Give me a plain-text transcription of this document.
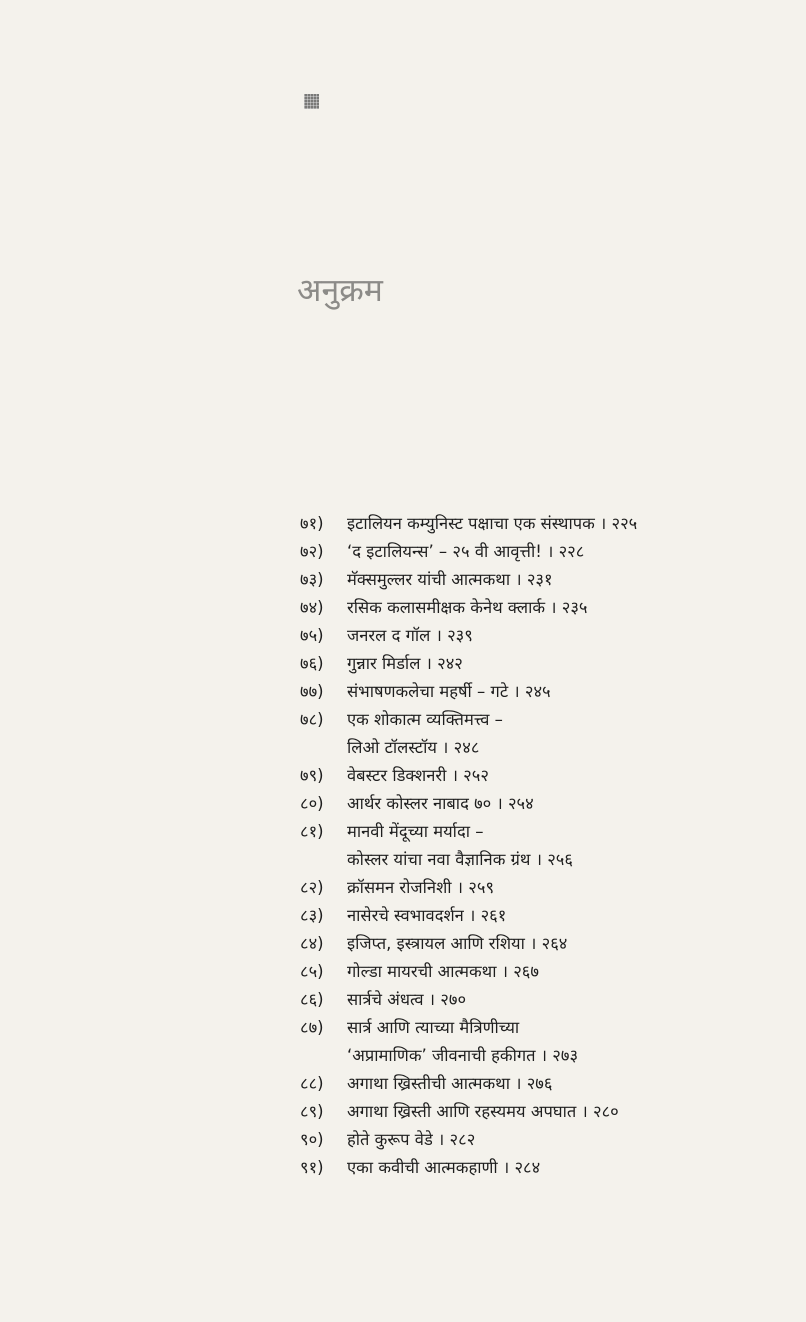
अनुक्रम
७१)	इटालियन कम्युनिस्ट पक्षाचा एक संस्थापक । २२५
७२)	‘द इटालियन्स’ – २५ वी आवृत्ती! । २२८
७३)	मॅक्समुल्लर यांची आत्मकथा । २३१
७४)	रसिक कलासमीक्षक केनेथ क्लार्क । २३५
७५)	जनरल द गॉल । २३९
७६)	गुन्नार मिर्डाल । २४२
७७)	संभाषणकलेचा महर्षी – गटे । २४५
७८)	एक शोकात्म व्यक्तिमत्त्व –
लिओ टॉलस्टॉय । २४८
७९)	वेबस्टर डिक्शनरी । २५२
८०)	आर्थर कोस्लर नाबाद ७० । २५४
८१)	मानवी मेंदूच्या मर्यादा –
कोस्लर यांचा नवा वैज्ञानिक ग्रंथ । २५६
८२)	क्रॉसमन रोजनिशी । २५९
८३)	नासेरचे स्वभावदर्शन । २६१
८४)	इजिप्त, इस्त्रायल आणि रशिया । २६४
८५)	गोल्डा मायरची आत्मकथा । २६७
८६)	सार्त्रचे अंधत्व । २७०
८७)	सार्त्र आणि त्याच्या मैत्रिणीच्या
‘अप्रामाणिक’ जीवनाची हकीगत । २७३
८८)	अगाथा ख्रिस्तीची आत्मकथा । २७६
८९)	अगाथा ख्रिस्ती आणि रहस्यमय अपघात । २८०
९०)	होते कुरूप वेडे । २८२
९१)	एका कवीची आत्मकहाणी । २८४
